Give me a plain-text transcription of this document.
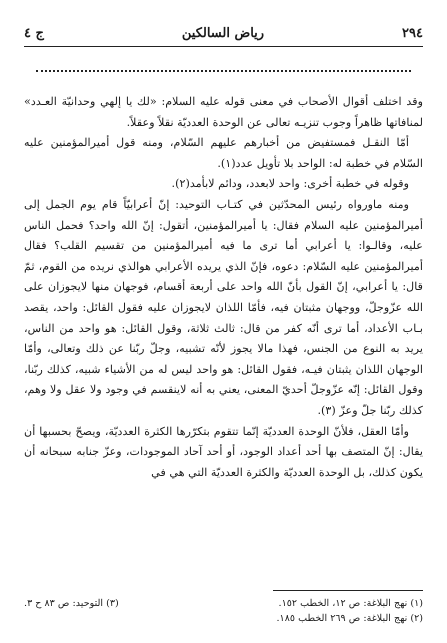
٢٩٤
رياض السالكين
ج ٤

وقد اختلف أقوال الأصحاب في معنى قوله عليه السلام: «لك يا إلهي وحدانيّة العـدد» لمنافاتها ظاهراً وجوب تنزيـه تعالى عن الوحدة العدديّة نقلاً وعقلاً.

أمّا النقـل فمستفيض من أخبارهم عليهم السّلام، ومنه قول أميرالمؤمنين عليه السّلام في خطبة له: الواحد بلا تأويل عدد(١).

وقوله في خطبة أخرى: واحد لابعدد، ودائم لابأمد(٢).

ومنه ماورواه رئيس المحدّثين في كتـاب التوحيد: إنّ أعرابيّاً قام يوم الجمل إلى أميرالمؤمنين عليه السلام فقال: يا أميرالمؤمنين، أتقول: إنّ الله واحد؟ فحمل الناس عليه، وقالـوا: يا أعرابي أما ترى ما فيه أميرالمؤمنين من تقسيم القلب؟ فقال أميرالمؤمنين عليه السّلام: دعوه، فإنّ الذي يريده الأعرابي هوالذي نريده من القوم، ثمّ قال: يا أعرابي، إنّ القول بأنّ الله واحد على أربعة أقسام، فوجهان منها لايجوزان على الله عزّوجلّ، ووجهان مثبتان فيه، فأمّا اللذان لايجوزان عليه فقول القائل: واحد، يقصد بـاب الأعداد، أما ترى أنّه كفر من قال: ثالث ثلاثة، وقول القائل: هو واحد من الناس، يريد به النوع من الجنس، فهذا مالا يجوز لأنّه تشبيه، وجلّ ربّنا عن ذلك وتعالى، وأمّا الوجهان اللذان يثبتان فيـه، فقول القائل: هو واحد ليس له من الأشياء شبيه، كذلك ربّنا، وقول القائل: إنّه عزّوجلّ أحديّ المعنى، يعني به أنه لاينقسم في وجود ولا عقل ولا وهم، كذلك ربّنا جلّ وعزّ (٣).

وأمّا العقل، فلأنّ الوحدة العدديّة إنّما تتقوم بتكرّرها الكثرة العدديّة، ويصحّ بحسبها أن يقال: إنّ المتصف بها أحد أعداد الوجود، أو أحد آحاد الموجودات، وعزّ جنابه سبحانه أن يكون كذلك، بل الوحدة العدديّة والكثرة العدديّة التي هي في

(١) نهج البلاغة: ص ١٢، الخطب ١٥٢.
(٣) التوحيد: ص ٨٣ ح ٣.
(٢) نهج البلاغة: ص ٢٦٩ الخطب ١٨٥.
